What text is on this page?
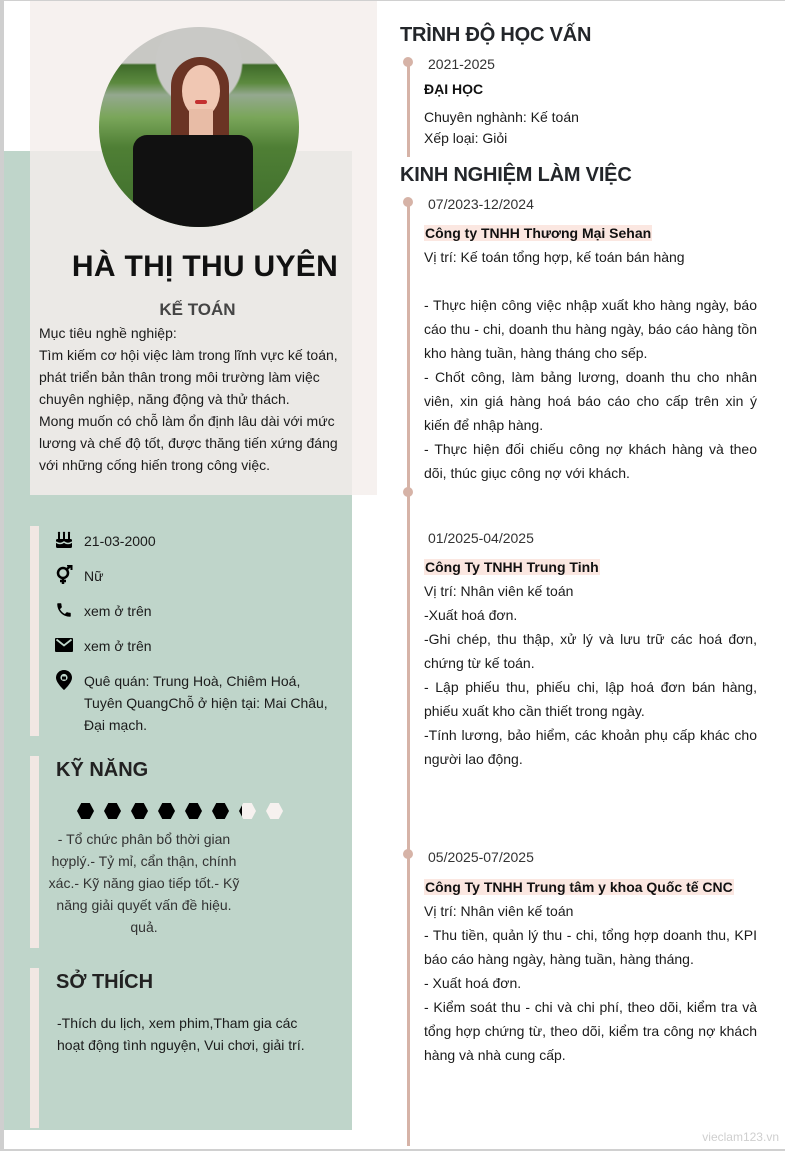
HÀ THỊ THU UYÊN
KẾ TOÁN
Mục tiêu nghề nghiệp:
Tìm kiếm cơ hội việc làm trong lĩnh vực kế toán, phát triển bản thân trong môi trường làm việc chuyên nghiệp, năng động và thử thách.
Mong muốn có chỗ làm ổn định lâu dài với mức lương và chế độ tốt, được thăng tiến xứng đáng với những cống hiến trong công việc.
21-03-2000
Nữ
xem ở trên
xem ở trên
Quê quán: Trung Hoà, Chiêm Hoá, Tuyên QuangChỗ ở hiện tại: Mai Châu, Đại mạch.
KỸ NĂNG
- Tổ chức phân bổ thời gian hợplý.- Tỷ mỉ, cẩn thận, chính xác.- Kỹ năng giao tiếp tốt.- Kỹ năng giải quyết vấn đề hiệu. quả.
SỞ THÍCH
-Thích du lịch, xem phim,Tham gia các hoạt động tình nguyện, Vui chơi, giải trí.
TRÌNH ĐỘ HỌC VẤN
2021-2025
ĐẠI HỌC
Chuyên nghành: Kế toán
Xếp loại: Giỏi
KINH NGHIỆM LÀM VIỆC
07/2023-12/2024
Công ty TNHH Thương Mại Sehan

Vị trí: Kế toán tổng hợp, kế toán bán hàng

- Thực hiện công việc nhập xuất kho hàng ngày, báo cáo thu - chi, doanh thu hàng ngày, báo cáo hàng tồn kho hàng tuần, hàng tháng cho sếp.

- Chốt công, làm bảng lương, doanh thu cho nhân viên, xin giá hàng hoá báo cáo cho cấp trên xin ý kiến để nhập hàng.

- Thực hiện đối chiếu công nợ khách hàng và theo dõi, thúc giục công nợ với khách.

01/2025-04/2025
Công Ty TNHH Trung Tinh

Vị trí: Nhân viên kế toán

-Xuất hoá đơn.

-Ghi chép, thu thập, xử lý và lưu trữ các hoá đơn, chứng từ kế toán.

- Lập phiếu thu, phiếu chi, lập hoá đơn bán hàng, phiếu xuất kho cần thiết trong ngày.

-Tính lương, bảo hiểm, các khoản phụ cấp khác cho người lao động.

05/2025-07/2025
Công Ty TNHH Trung tâm y khoa Quốc tế CNC

Vị trí: Nhân viên kế toán

- Thu tiền, quản lý thu - chi, tổng hợp doanh thu, KPI báo cáo hàng ngày, hàng tuần, hàng tháng.

- Xuất hoá đơn.

- Kiểm soát thu - chi và chi phí, theo dõi, kiểm tra và tổng hợp chứng từ, theo dõi, kiểm tra công nợ khách hàng và nhà cung cấp.

vieclam123.vn
